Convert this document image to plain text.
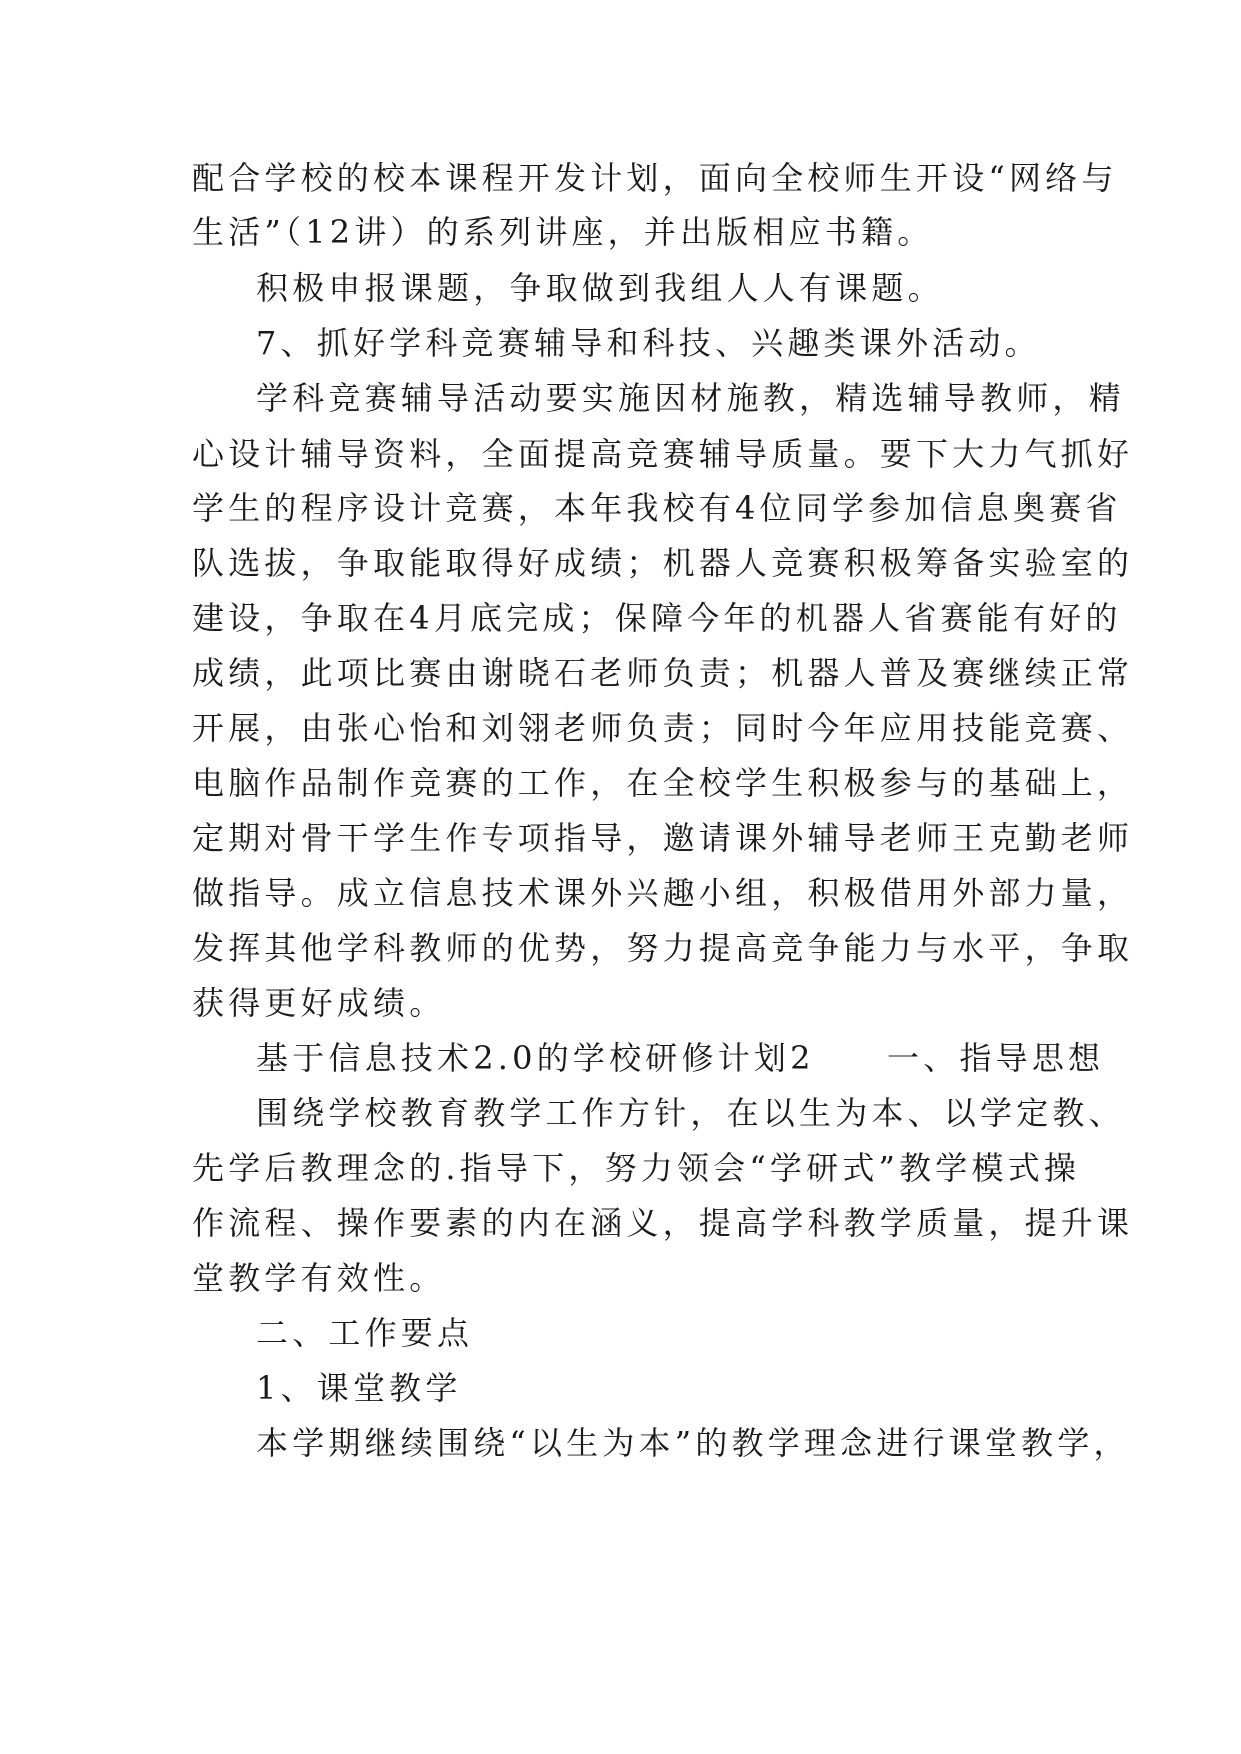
配合学校的校本课程开发计划，面向全校师生开设“网络与
生活”（12讲）的系列讲座，并出版相应书籍。
积极申报课题，争取做到我组人人有课题。
7、抓好学科竞赛辅导和科技、兴趣类课外活动。
学科竞赛辅导活动要实施因材施教，精选辅导教师，精
心设计辅导资料，全面提高竞赛辅导质量。要下大力气抓好
学生的程序设计竞赛，本年我校有4位同学参加信息奥赛省
队选拔，争取能取得好成绩；机器人竞赛积极筹备实验室的
建设，争取在4月底完成；保障今年的机器人省赛能有好的
成绩，此项比赛由谢晓石老师负责；机器人普及赛继续正常
开展，由张心怡和刘翎老师负责；同时今年应用技能竞赛、
电脑作品制作竞赛的工作，在全校学生积极参与的基础上，
定期对骨干学生作专项指导，邀请课外辅导老师王克勤老师
做指导。成立信息技术课外兴趣小组，积极借用外部力量，
发挥其他学科教师的优势，努力提高竞争能力与水平，争取
获得更好成绩。
基于信息技术2.0的学校研修计划2　　一、指导思想
围绕学校教育教学工作方针，在以生为本、以学定教、
先学后教理念的.指导下，努力领会“学研式”教学模式操
作流程、操作要素的内在涵义，提高学科教学质量，提升课
堂教学有效性。
二、工作要点
1、课堂教学
本学期继续围绕“以生为本”的教学理念进行课堂教学，
